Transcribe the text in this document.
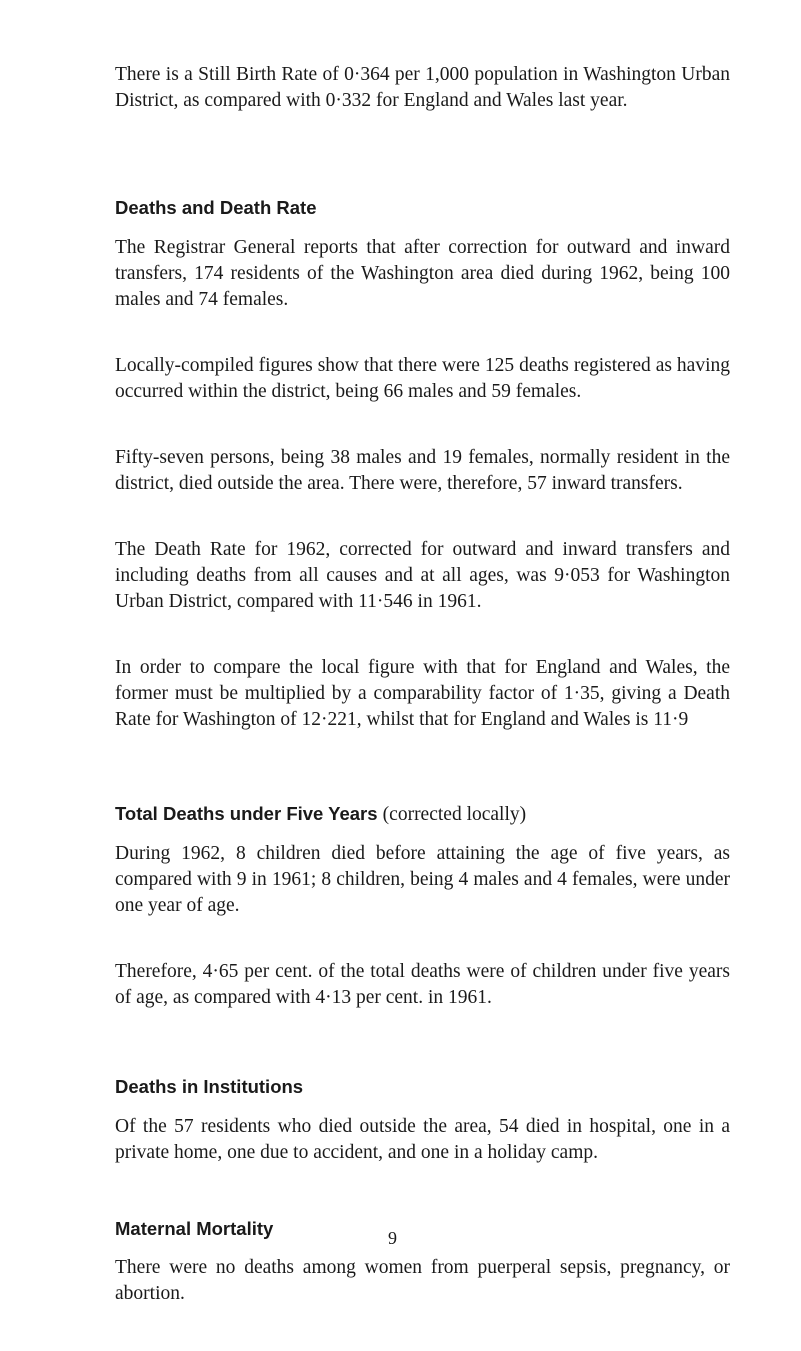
There is a Still Birth Rate of 0·364 per 1,000 population in Washington Urban District, as compared with 0·332 for England and Wales last year.

Deaths and Death Rate

The Registrar General reports that after correction for outward and inward transfers, 174 residents of the Washington area died during 1962, being 100 males and 74 females.

Locally-compiled figures show that there were 125 deaths registered as having occurred within the district, being 66 males and 59 females.

Fifty-seven persons, being 38 males and 19 females, normally resident in the district, died outside the area. There were, therefore, 57 inward transfers.

The Death Rate for 1962, corrected for outward and inward transfers and including deaths from all causes and at all ages, was 9·053 for Washington Urban District, compared with 11·546 in 1961.

In order to compare the local figure with that for England and Wales, the former must be multiplied by a comparability factor of 1·35, giving a Death Rate for Washington of 12·221, whilst that for England and Wales is 11·9

Total Deaths under Five Years (corrected locally)

During 1962, 8 children died before attaining the age of five years, as compared with 9 in 1961; 8 children, being 4 males and 4 females, were under one year of age.

Therefore, 4·65 per cent. of the total deaths were of children under five years of age, as compared with 4·13 per cent. in 1961.

Deaths in Institutions

Of the 57 residents who died outside the area, 54 died in hospital, one in a private home, one due to accident, and one in a holiday camp.

Maternal Mortality

There were no deaths among women from puerperal sepsis, pregnancy, or abortion.

9
